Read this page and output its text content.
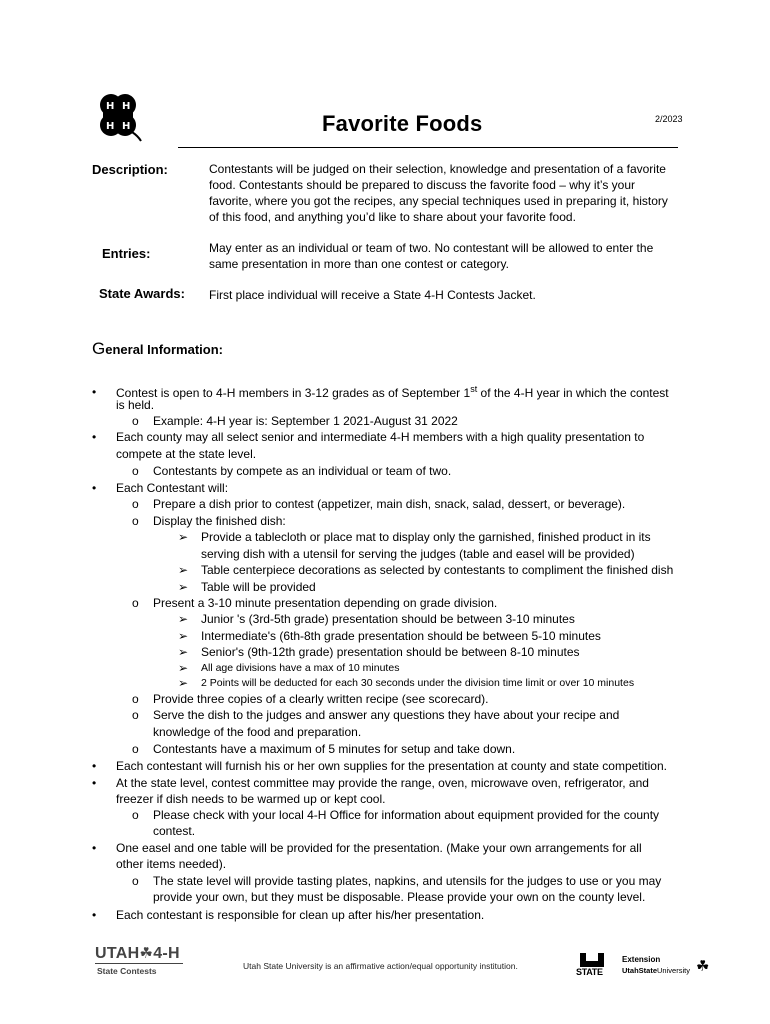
H H
H H	Favorite Foods	2/2023
Description:	Contestants will be judged on their selection, knowledge and presentation of a favorite
food. Contestants should be prepared to discuss the favorite food – why it’s your
favorite, where you got the recipes, any special techniques used in preparing it, history
of this food, and anything you’d like to share about your favorite food.
Entries:	May enter as an individual or team of two. No contestant will be allowed to enter the
same presentation in more than one contest or category.
State Awards: First place individual will receive a State 4-H Contests Jacket.
General Information:
• Contest is open to 4-H members in 3-12 grades as of September 1st of the 4-H year in which the contest
is held.
o Example: 4-H year is: September 1 2021-August 31 2022
• Each county may all select senior and intermediate 4-H members with a high quality presentation to
compete at the state level.
o Contestants by compete as an individual or team of two.
• Each Contestant will:
o Prepare a dish prior to contest (appetizer, main dish, snack, salad, dessert, or beverage).
o Display the finished dish:
➢ Provide a tablecloth or place mat to display only the garnished, finished product in its
serving dish with a utensil for serving the judges (table and easel will be provided)
➢ Table centerpiece decorations as selected by contestants to compliment the finished dish
➢ Table will be provided
o Present a 3-10 minute presentation depending on grade division.
➢ Junior 's (3rd-5th grade) presentation should be between 3-10 minutes
➢ Intermediate's (6th-8th grade presentation should be between 5-10 minutes
➢ Senior's (9th-12th grade) presentation should be between 8-10 minutes
➢ All age divisions have a max of 10 minutes
➢ 2 Points will be deducted for each 30 seconds under the division time limit or over 10 minutes
o Provide three copies of a clearly written recipe (see scorecard).
o Serve the dish to the judges and answer any questions they have about your recipe and
knowledge of the food and preparation.
o Contestants have a maximum of 5 minutes for setup and take down.
• Each contestant will furnish his or her own supplies for the presentation at county and state competition.
• At the state level, contest committee may provide the range, oven, microwave oven, refrigerator, and
freezer if dish needs to be warmed up or kept cool.
o Please check with your local 4-H Office for information about equipment provided for the county
contest.
• One easel and one table will be provided for the presentation. (Make your own arrangements for all
other items needed).
o The state level will provide tasting plates, napkins, and utensils for the judges to use or you may
provide your own, but they must be disposable. Please provide your own on the county level.
• Each contestant is responsible for clean up after his/her presentation.
UTAH☘4-H
State Contests	Utah State University is an affirmative action/equal opportunity institution.
STATE
Extension
UtahStateUniversity ☘
